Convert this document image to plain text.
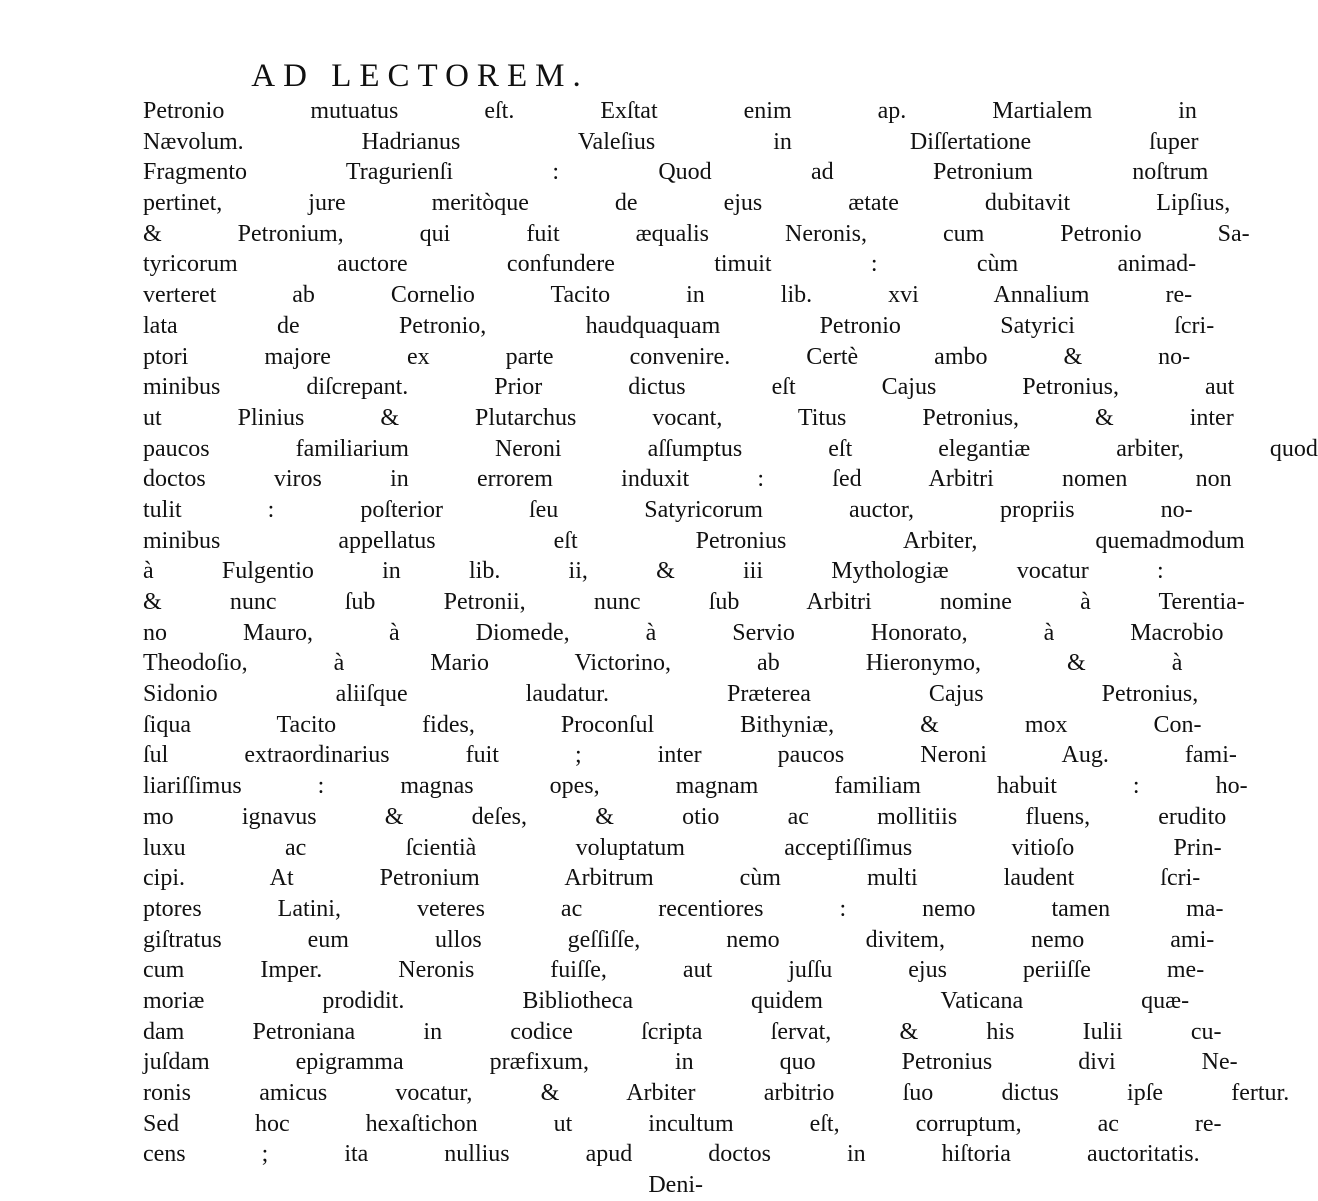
AD LECTOREM.
Petronio mutuatus eſt. Exſtat enim ap. Martialem in
Nævolum. Hadrianus Valeſius in Diſſertatione ſuper
Fragmento Tragurienſi : Quod ad Petronium noſtrum
pertinet, jure meritòque de ejus ætate dubitavit Lipſius,
& Petronium, qui fuit æqualis Neronis, cum Petronio Sa-
tyricorum auctore confundere timuit : cùm animad-
verteret ab Cornelio Tacito in lib. xvi Annalium re-
lata de Petronio, haudquaquam Petronio Satyrici ſcri-
ptori majore ex parte convenire. Certè ambo & no-
minibus diſcrepant. Prior dictus eſt Cajus Petronius, aut
ut Plinius & Plutarchus vocant, Titus Petronius, & inter
paucos familiarium Neroni aſſumptus eſt elegantiæ arbiter, quod
doctos viros in errorem induxit : ſed Arbitri nomen non
tulit : poſterior ſeu Satyricorum auctor, propriis no-
minibus appellatus eſt Petronius Arbiter, quemadmodum
à Fulgentio in lib. ii, & iii Mythologiæ vocatur :
& nunc ſub Petronii, nunc ſub Arbitri nomine à Terentia-
no Mauro, à Diomede, à Servio Honorato, à Macrobio
Theodoſio, à Mario Victorino, ab Hieronymo, & à
Sidonio aliiſque laudatur. Præterea Cajus Petronius,
ſiqua Tacito fides, Proconſul Bithyniæ, & mox Con-
ſul extraordinarius fuit ; inter paucos Neroni Aug. fami-
liariſſimus : magnas opes, magnam familiam habuit : ho-
mo ignavus & deſes, & otio ac mollitiis fluens, erudito
luxu ac ſcientià voluptatum acceptiſſimus vitioſo Prin-
cipi. At Petronium Arbitrum cùm multi laudent ſcri-
ptores Latini, veteres ac recentiores : nemo tamen ma-
giſtratus eum ullos geſſiſſe, nemo divitem, nemo ami-
cum Imper. Neronis fuiſſe, aut juſſu ejus periiſſe me-
moriæ prodidit. Bibliotheca quidem Vaticana quæ-
dam Petroniana in codice ſcripta ſervat, & his Iulii cu-
juſdam epigramma præfixum, in quo Petronius divi Ne-
ronis amicus vocatur, & Arbiter arbitrio ſuo dictus ipſe fertur.
Sed hoc hexaſtichon ut incultum eſt, corruptum, ac re-
cens ; ita nullius apud doctos in hiſtoria auctoritatis.
Deni-
